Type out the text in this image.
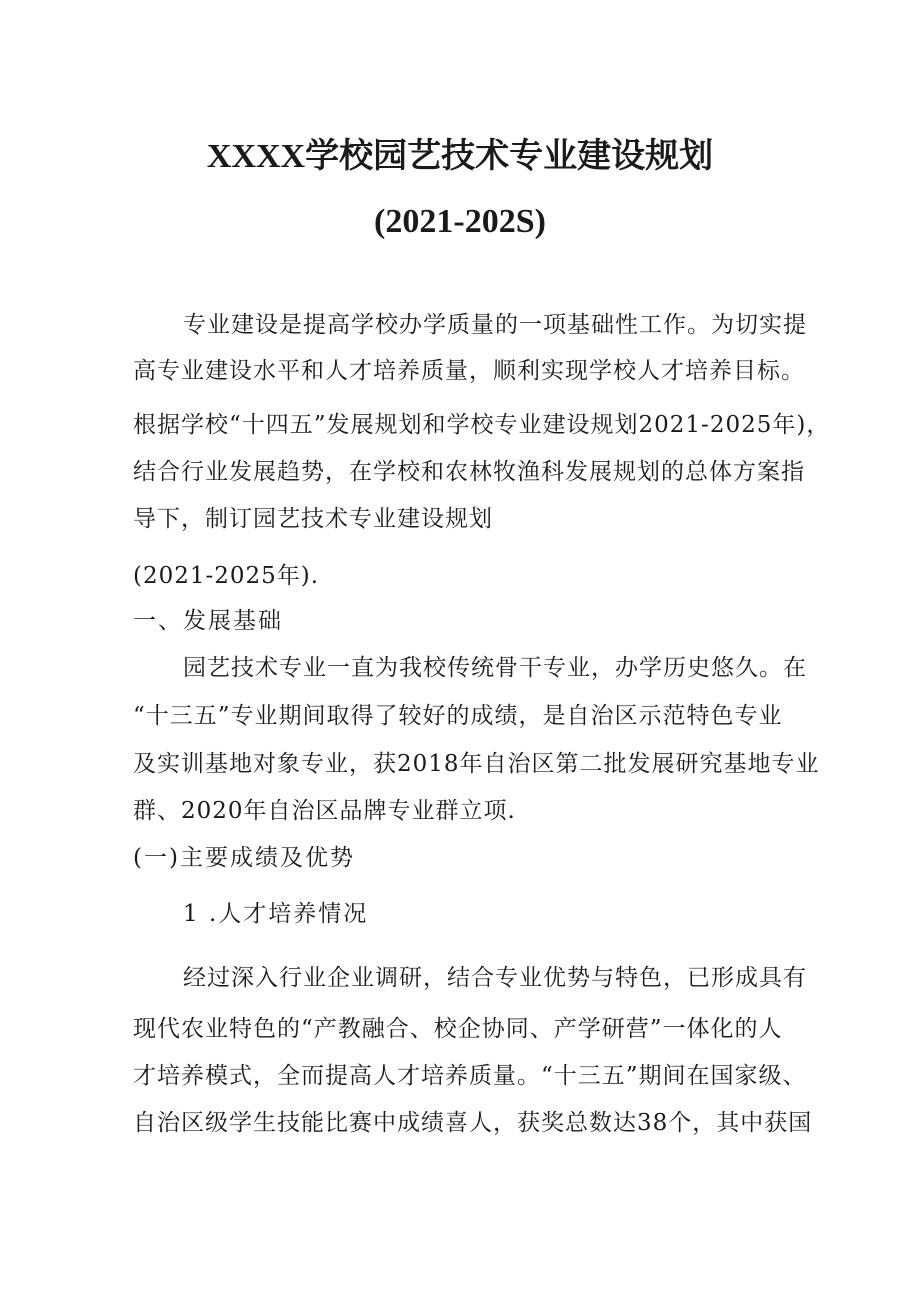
XXXX学校园艺技术专业建设规划
(2021-202S)
专业建设是提高学校办学质量的一项基础性工作。为切实提
高专业建设水平和人才培养质量，顺利实现学校人才培养目标。
根据学校“十四五”发展规划和学校专业建设规划2021-2025年)，
结合行业发展趋势，在学校和农林牧渔科发展规划的总体方案指
导下，制订园艺技术专业建设规划
(2021-2025年).
一、发展基础
园艺技术专业一直为我校传统骨干专业，办学历史悠久。在
“十三五”专业期间取得了较好的成绩，是自治区示范特色专业
及实训基地对象专业，获2018年自治区第二批发展研究基地专业
群、2020年自治区品牌专业群立项.
(一)主要成绩及优势
1 .人才培养情况
经过深入行业企业调研，结合专业优势与特色，已形成具有
现代农业特色的“产教融合、校企协同、产学研营”一体化的人
才培养模式，全而提高人才培养质量。“十三五”期间在国家级、
自治区级学生技能比赛中成绩喜人，获奖总数达38个，其中获国
